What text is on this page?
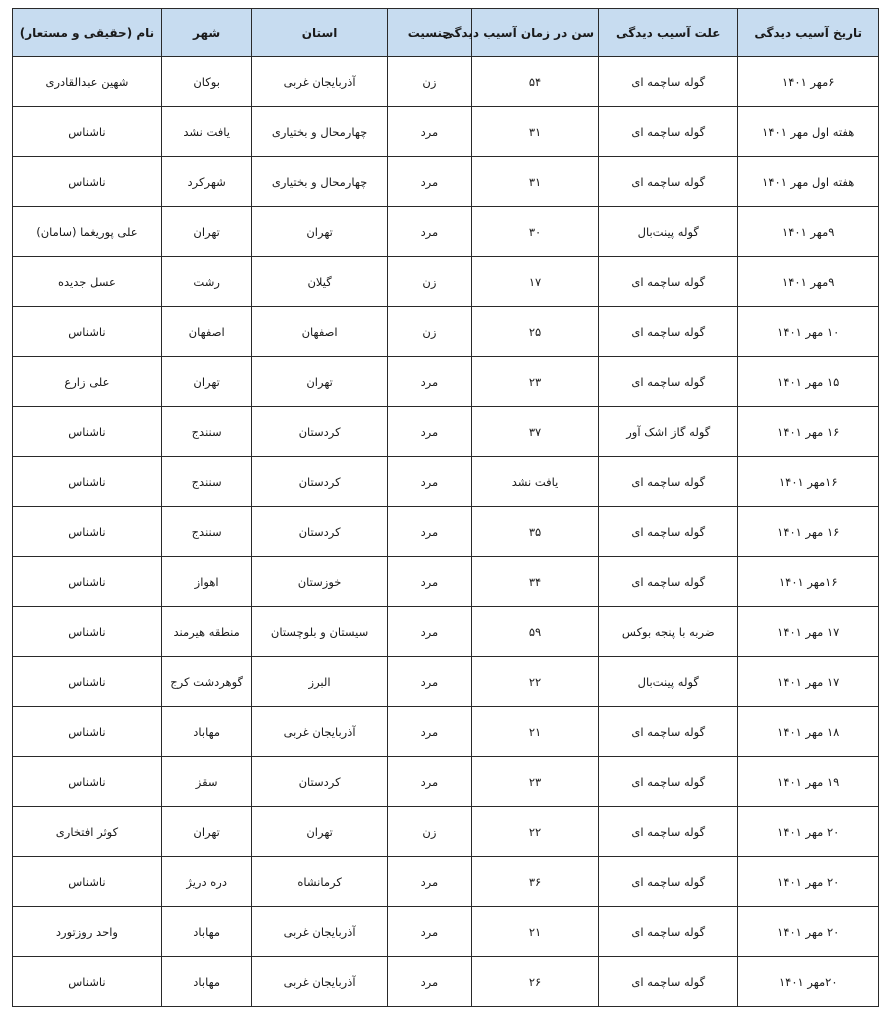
تاریخ آسیب دیدگی	علت آسیب دیدگی	سن در زمان آسیب دیدگی	جنسیت	استان	شهر	نام (حقیقی و مستعار)
۶مهر ۱۴۰۱	گوله ساچمه ای	۵۴	زن	آذربایجان غربی	بوکان	شهین عبدالقادری
هفته اول مهر ۱۴۰۱	گوله ساچمه ای	۳۱	مرد	چهارمحال و بختیاری	یافت نشد	ناشناس
هفته اول مهر ۱۴۰۱	گوله ساچمه ای	۳۱	مرد	چهارمحال و بختیاری	شهرکرد	ناشناس
۹مهر ۱۴۰۱	گوله پینت‌بال	۳۰	مرد	تهران	تهران	علی پوریغما (سامان)
۹مهر ۱۴۰۱	گوله ساچمه ای	۱۷	زن	گیلان	رشت	عسل جدیده
۱۰ مهر ۱۴۰۱	گوله ساچمه ای	۲۵	زن	اصفهان	اصفهان	ناشناس
۱۵ مهر ۱۴۰۱	گوله ساچمه ای	۲۳	مرد	تهران	تهران	علی زارع
۱۶ مهر ۱۴۰۱	گوله گاز اشک آور	۳۷	مرد	کردستان	سنندج	ناشناس
۱۶مهر ۱۴۰۱	گوله ساچمه ای	یافت نشد	مرد	کردستان	سنندج	ناشناس
۱۶ مهر ۱۴۰۱	گوله ساچمه ای	۳۵	مرد	کردستان	سنندج	ناشناس
۱۶مهر ۱۴۰۱	گوله ساچمه ای	۳۴	مرد	خوزستان	اهواز	ناشناس
۱۷ مهر ۱۴۰۱	ضربه با پنجه بوکس	۵۹	مرد	سیستان و بلوچستان	منطقه هیرمند	ناشناس
۱۷ مهر ۱۴۰۱	گوله پینت‌بال	۲۲	مرد	البرز	گوهردشت کرج	ناشناس
۱۸ مهر ۱۴۰۱	گوله ساچمه ای	۲۱	مرد	آذربایجان غربی	مهاباد	ناشناس
۱۹ مهر ۱۴۰۱	گوله ساچمه ای	۲۳	مرد	کردستان	سقز	ناشناس
۲۰ مهر ۱۴۰۱	گوله ساچمه ای	۲۲	زن	تهران	تهران	کوثر افتخاری
۲۰ مهر ۱۴۰۱	گوله ساچمه ای	۳۶	مرد	کرمانشاه	دره دریژ	ناشناس
۲۰ مهر ۱۴۰۱	گوله ساچمه ای	۲۱	مرد	آذربایجان غربی	مهاباد	واحد روزتورد
۲۰مهر ۱۴۰۱	گوله ساچمه ای	۲۶	مرد	آذربایجان غربی	مهاباد	ناشناس
